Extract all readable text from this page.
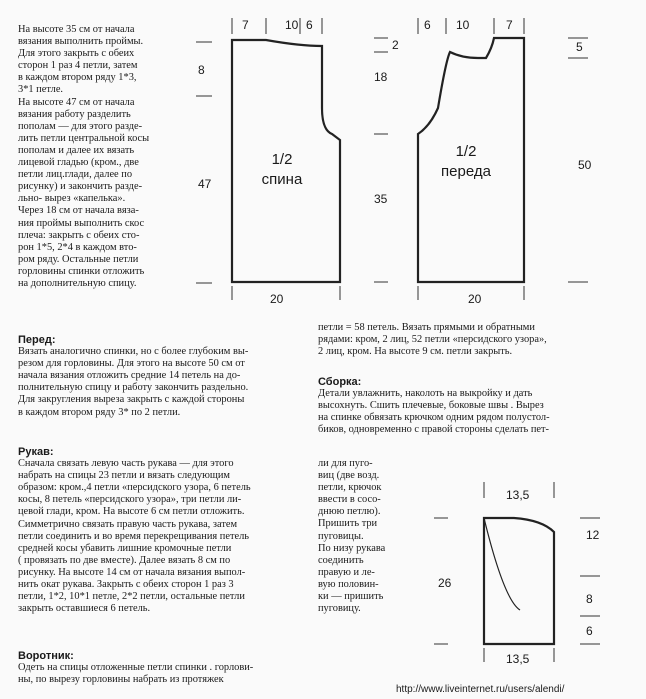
1/2
спина
7	10 6
8
47
20
1/2
переда
6 10	7
2
18
35
5
50
20
13,5
26
12
8
6
13,5

На высоте 35 см от начала

вязания выполнить проймы.

Для этого закрыть с обеих

сторон 1 раз 4 петли, затем

в каждом втором ряду 1*3,

3*1 петле.

На высоте 47 см от начала

вязания работу разделить

пополам — для этого разде-

лить петли центральной косы

пополам и далее их вязать

лицевой гладью (кром., две

петли лиц.глади, далее по

рисунку) и закончить разде-

льно- вырез «капелька».

Через 18 см от начала вяза-

ния проймы выполнить скос

плеча: закрыть с обеих сто-

рон 1*5, 2*4 в каждом вто-

ром ряду. Остальные петли

горловины спинки отложить

на дополнительную спицу.

Перед:

Вязать аналогично спинки, но с более глубоким вы-

резом для горловины. Для этого на высоте 50 см от

начала вязания отложить средние 14 петель на до-

полнительную спицу и работу закончить раздельно.

Для закругления выреза закрыть с каждой стороны

в каждом втором ряду 3* по 2 петли.

Рукав:

Сначала связать левую часть рукава — для этого

набрать на спицы 23 петли и вязать следующим

образом: кром.,4 петли «персидского узора, 6 петель

косы, 8 петель «персидского узора», три петли ли-

цевой глади, кром. На высоте 6 см петли отложить.

Симметрично связать правую часть рукава, затем

петли соединить и во время перекрещивания петель

средней косы убавить лишние кромочные петли

( провязать по две вместе). Далее вязать 8 см по

рисунку. На высоте 14 см от начала вязания выпол-

нить окат рукава. Закрыть с обеих сторон 1 раз 3

петли, 1*2, 10*1 петле, 2*2 петли, остальные петли

закрыть оставшиеся 6 петель.

Воротник:

Одеть на спицы отложенные петли спинки . горлови-

ны, по вырезу горловины набрать из протяжек

петли = 58 петель. Вязать прямыми и обратными

рядами: кром, 2 лиц, 52 петли «персидского узора»,

2 лиц, кром. На высоте 9 см. петли закрыть.

Сборка:

Детали увлажнить, наколоть на выкройку и дать

высохнуть. Сшить плечевые, боковые швы . Вырез

на спинке обвязать крючком одним рядом полустол-

биков, одновременно с правой стороны сделать пет-

ли для пуго-

виц (две возд.

петли, крючок

ввести в сосо-

днюю петлю).

Пришить три

пуговицы.

По низу рукава

соединить

правую и ле-

вую половин-

ки — пришить

пуговицу.

http://www.liveinternet.ru/users/alendi/
